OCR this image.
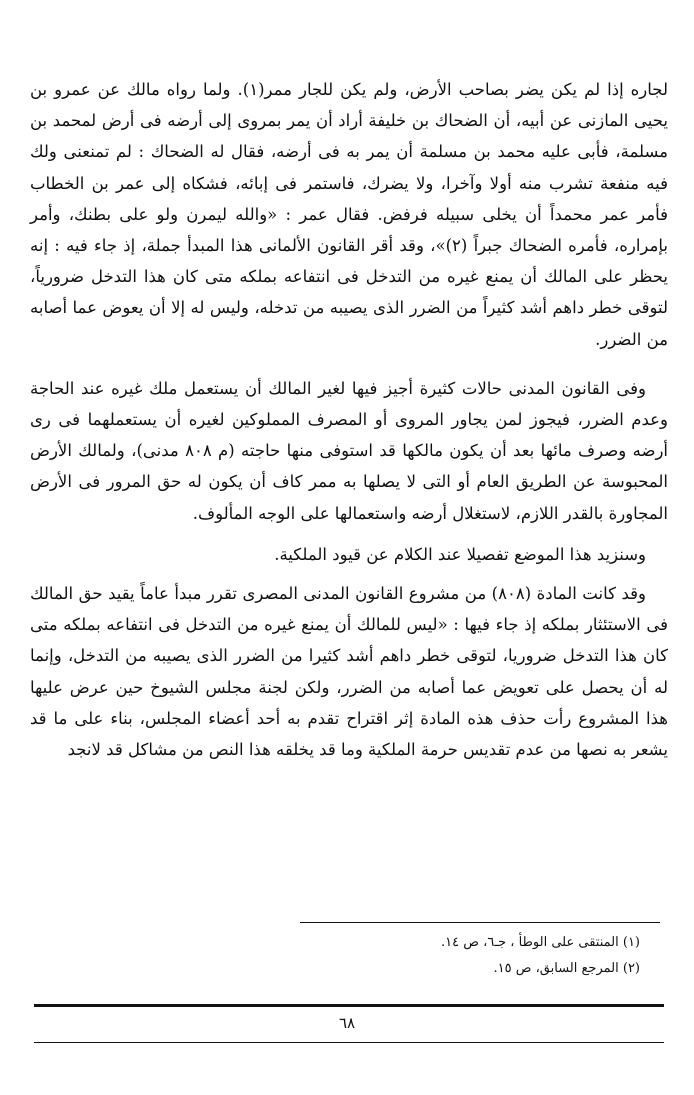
لجاره إذا لم يكن يضر بصاحب الأرض، ولم يكن للجار ممر(١). ولما رواه مالك عن عمرو بن يحيى المازنى عن أبيه، أن الضحاك بن خليفة أراد أن يمر بمروى إلى أرضه فى أرض لمحمد بن مسلمة، فأبى عليه محمد بن مسلمة أن يمر به فى أرضه، فقال له الضحاك : لم تمنعنى ولك فيه منفعة تشرب منه أولا وآخرا، ولا يضرك، فاستمر فى إبائه، فشكاه إلى عمر بن الخطاب فأمر عمر محمداً أن يخلى سبيله فرفض. فقال عمر : «والله ليمرن ولو على بطنك، وأمر بإمراره، فأمره الضحاك جبراً (٢)»، وقد أقر القانون الألمانى هذا المبدأ جملة، إذ جاء فيه : إنه يحظر على المالك أن يمنع غيره من التدخل فى انتفاعه بملكه متى كان هذا التدخل ضرورياً، لتوقى خطر داهم أشد كثيراً من الضرر الذى يصيبه من تدخله، وليس له إلا أن يعوض عما أصابه من الضرر.

وفى القانون المدنى حالات كثيرة أجيز فيها لغير المالك أن يستعمل ملك غيره عند الحاجة وعدم الضرر، فيجوز لمن يجاور المروى أو المصرف المملوكين لغيره أن يستعملهما فى رى أرضه وصرف مائها بعد أن يكون مالكها قد استوفى منها حاجته (م ٨٠٨ مدنى)، ولمالك الأرض المحبوسة عن الطريق العام أو التى لا يصلها به ممر كاف أن يكون له حق المرور فى الأرض المجاورة بالقدر اللازم، لاستغلال أرضه واستعمالها على الوجه المألوف.

وسنزيد هذا الموضع تفصيلا عند الكلام عن قيود الملكية.

وقد كانت المادة (٨٠٨) من مشروع القانون المدنى المصرى تقرر مبدأ عاماً يقيد حق المالك فى الاستئثار بملكه إذ جاء فيها : «ليس للمالك أن يمنع غيره من التدخل فى انتفاعه بملكه متى كان هذا التدخل ضروريا، لتوقى خطر داهم أشد كثيرا من الضرر الذى يصيبه من التدخل، وإنما له أن يحصل على تعويض عما أصابه من الضرر، ولكن لجنة مجلس الشيوخ حين عرض عليها هذا المشروع رأت حذف هذه المادة إثر اقتراح تقدم به أحد أعضاء المجلس، بناء على ما قد يشعر به نصها من عدم تقديس حرمة الملكية وما قد يخلقه هذا النص من مشاكل قد لانجد

(١) المنتقى على الوطأ ، جـ٦، ص ١٤.
(٢) المرجع السابق، ص ١٥.
٦٨
